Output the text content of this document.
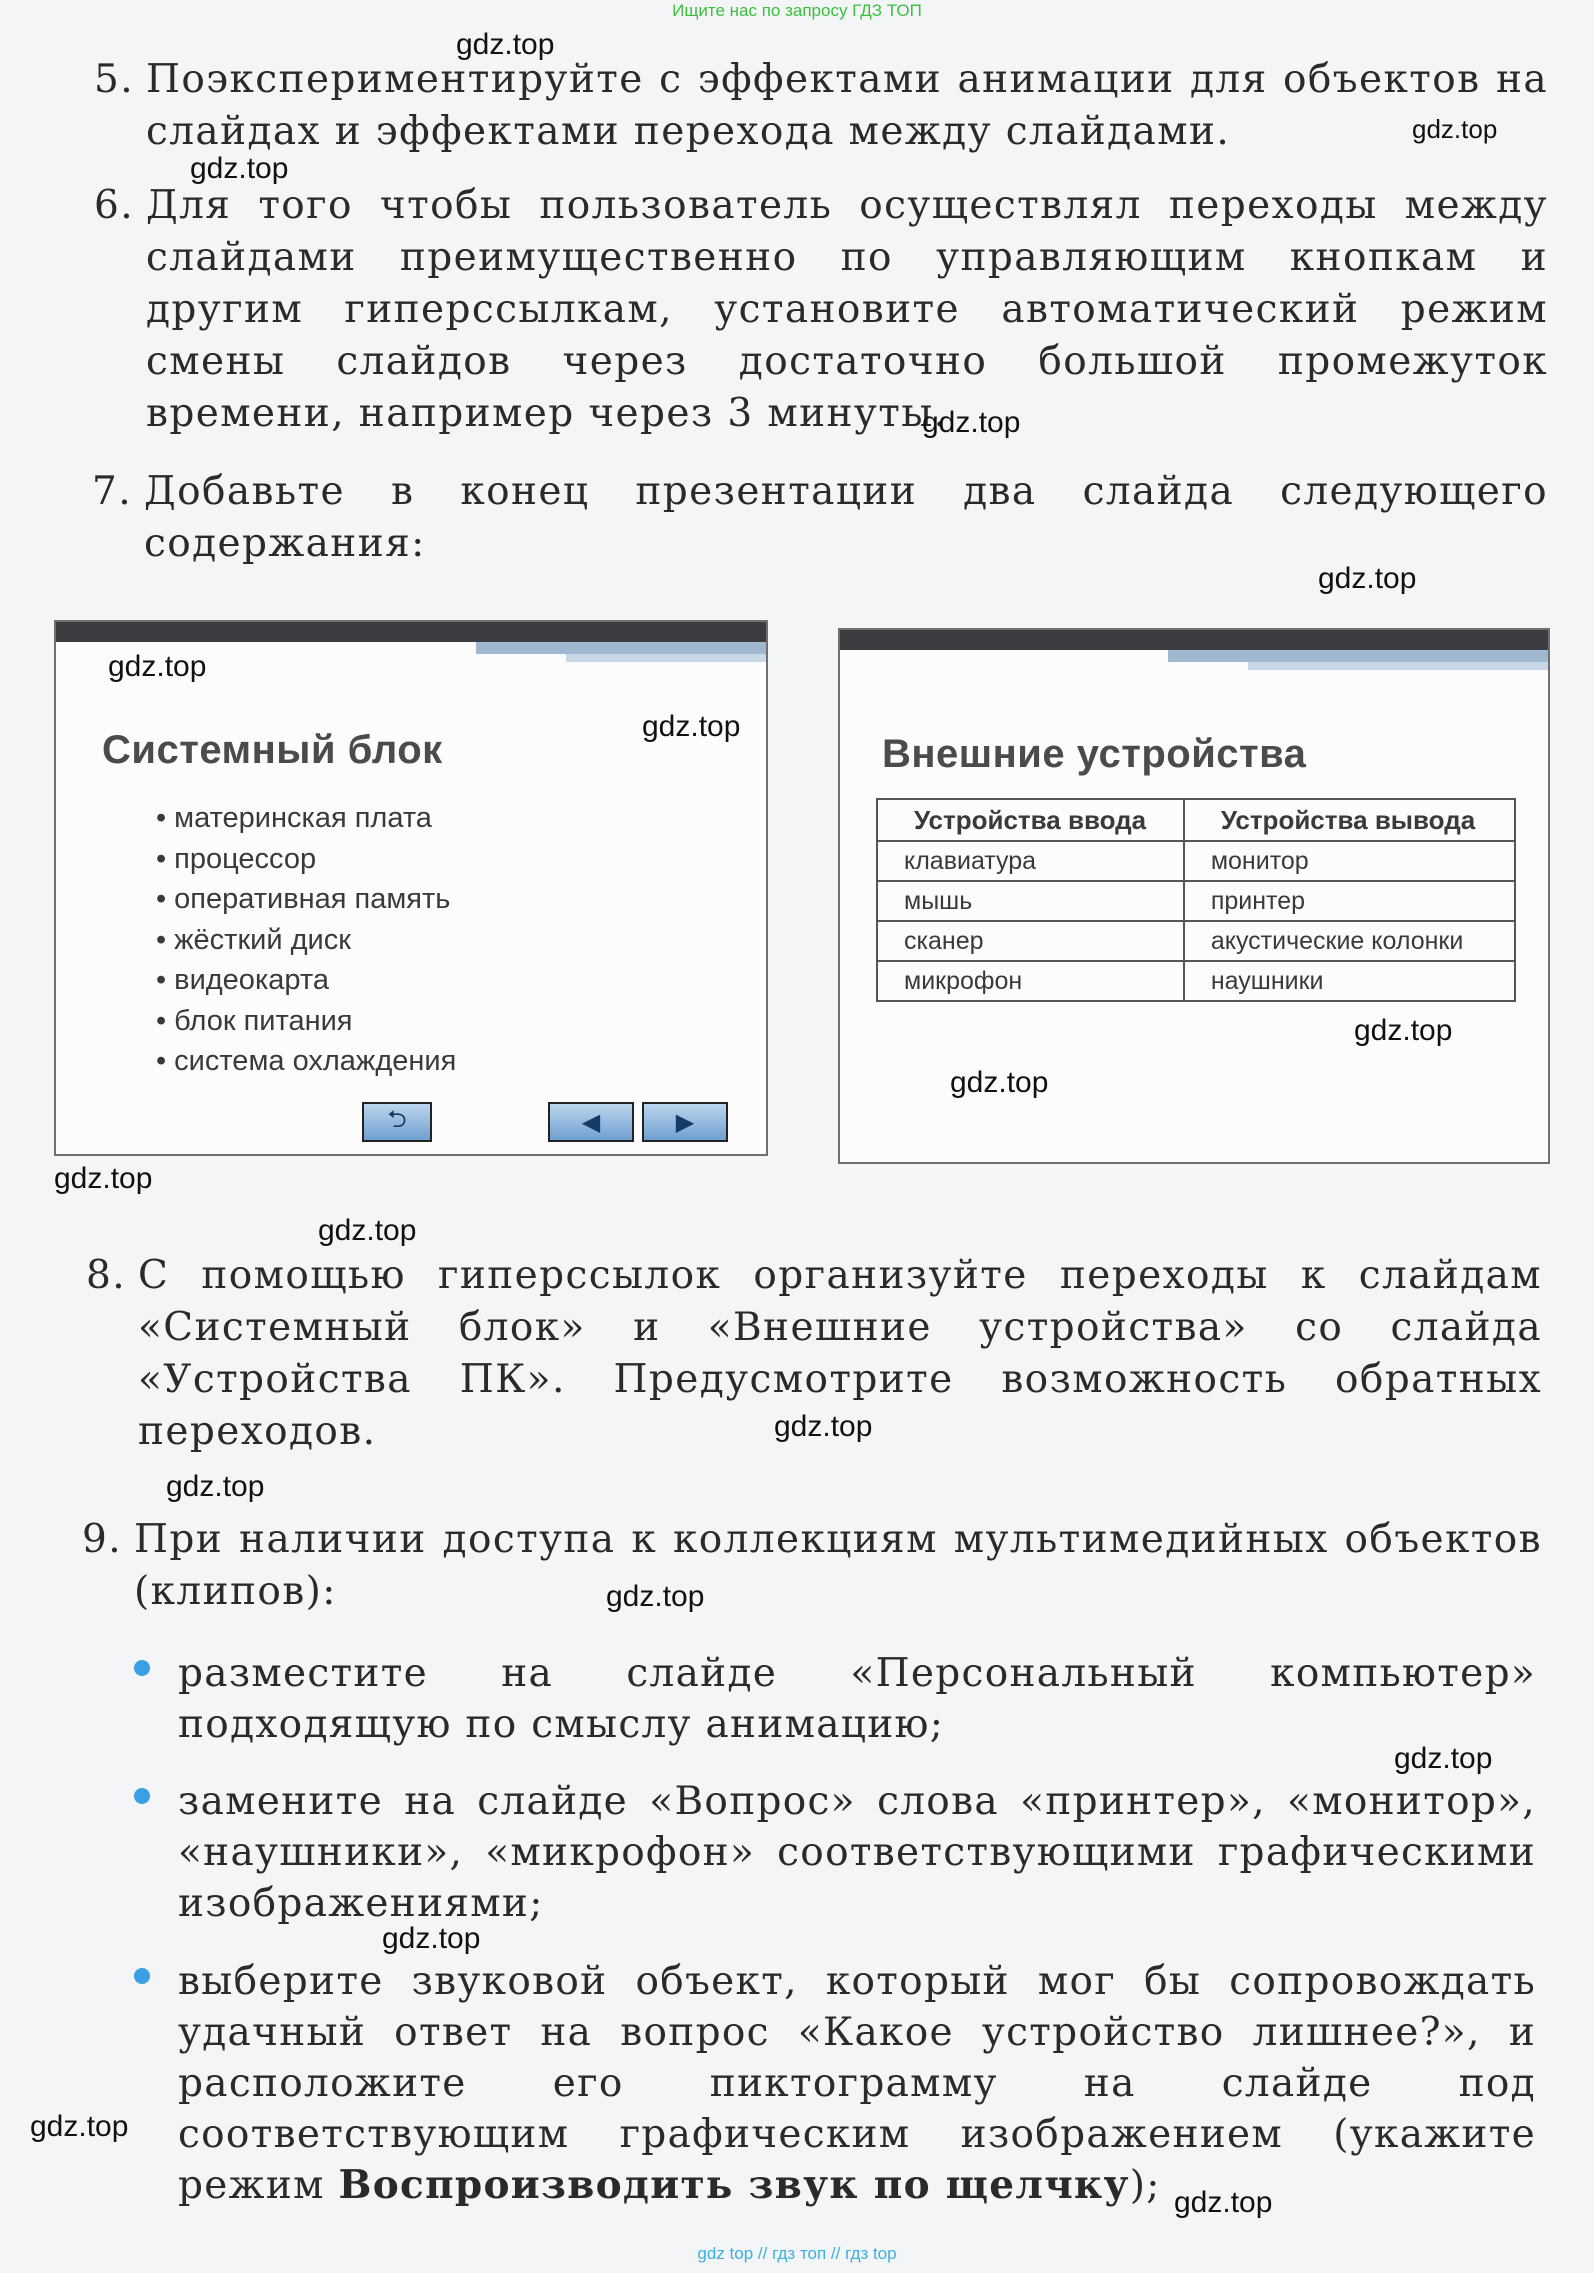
Ищите нас по запросу ГДЗ ТОП
5. Поэкспериментируйте с эффектами анимации для объектов на слайдах и эффектами перехода между слайдами.

6. Для того чтобы пользователь осуществлял переходы между слайдами преимущественно по управляющим кнопкам и другим гиперссылкам, установите автоматический режим смены слайдов через достаточно большой промежуток времени, например через 3 минуты.

7. Добавьте в конец презентации два слайда следующего содержания:

Системный блок
• материнская плата
• процессор
• оперативная память
• жёсткий диск
• видеокарта
• блок питания
• система охлаждения
⮌	◀	▶
Внешние устройства
Устройства ввода	Устройства вывода
клавиатура	монитор
мышь	принтер
сканер	акустические колонки
микрофон	наушники
8. С помощью гиперссылок организуйте переходы к слайдам «Системный блок» и «Внешние устройства» со слайда «Устройства ПК». Предусмотрите возможность обратных переходов.

9. При наличии доступа к коллекциям мультимедийных объектов (клипов):

разместите на слайде «Персональный компьютер» подходящую по смыслу анимацию;
замените на слайде «Вопрос» слова «принтер», «монитор», «наушники», «микрофон» соответствующими графическими изображениями;
выберите звуковой объект, который мог бы сопровождать удачный ответ на вопрос «Какое устройство лишнее?», и расположите его пиктограмму на слайде под соответствующим графическим изображением (укажите режим Воспроизводить звук по щелчку);
gdz.top
gdz.top
gdz.top
gdz.top
gdz.top
gdz.top
gdz.top
gdz.top
gdz.top
gdz.top
gdz.top
gdz.top
gdz.top
gdz.top
gdz.top
gdz.top
gdz.top
gdz.top
gdz top // гдз топ // гдз top
